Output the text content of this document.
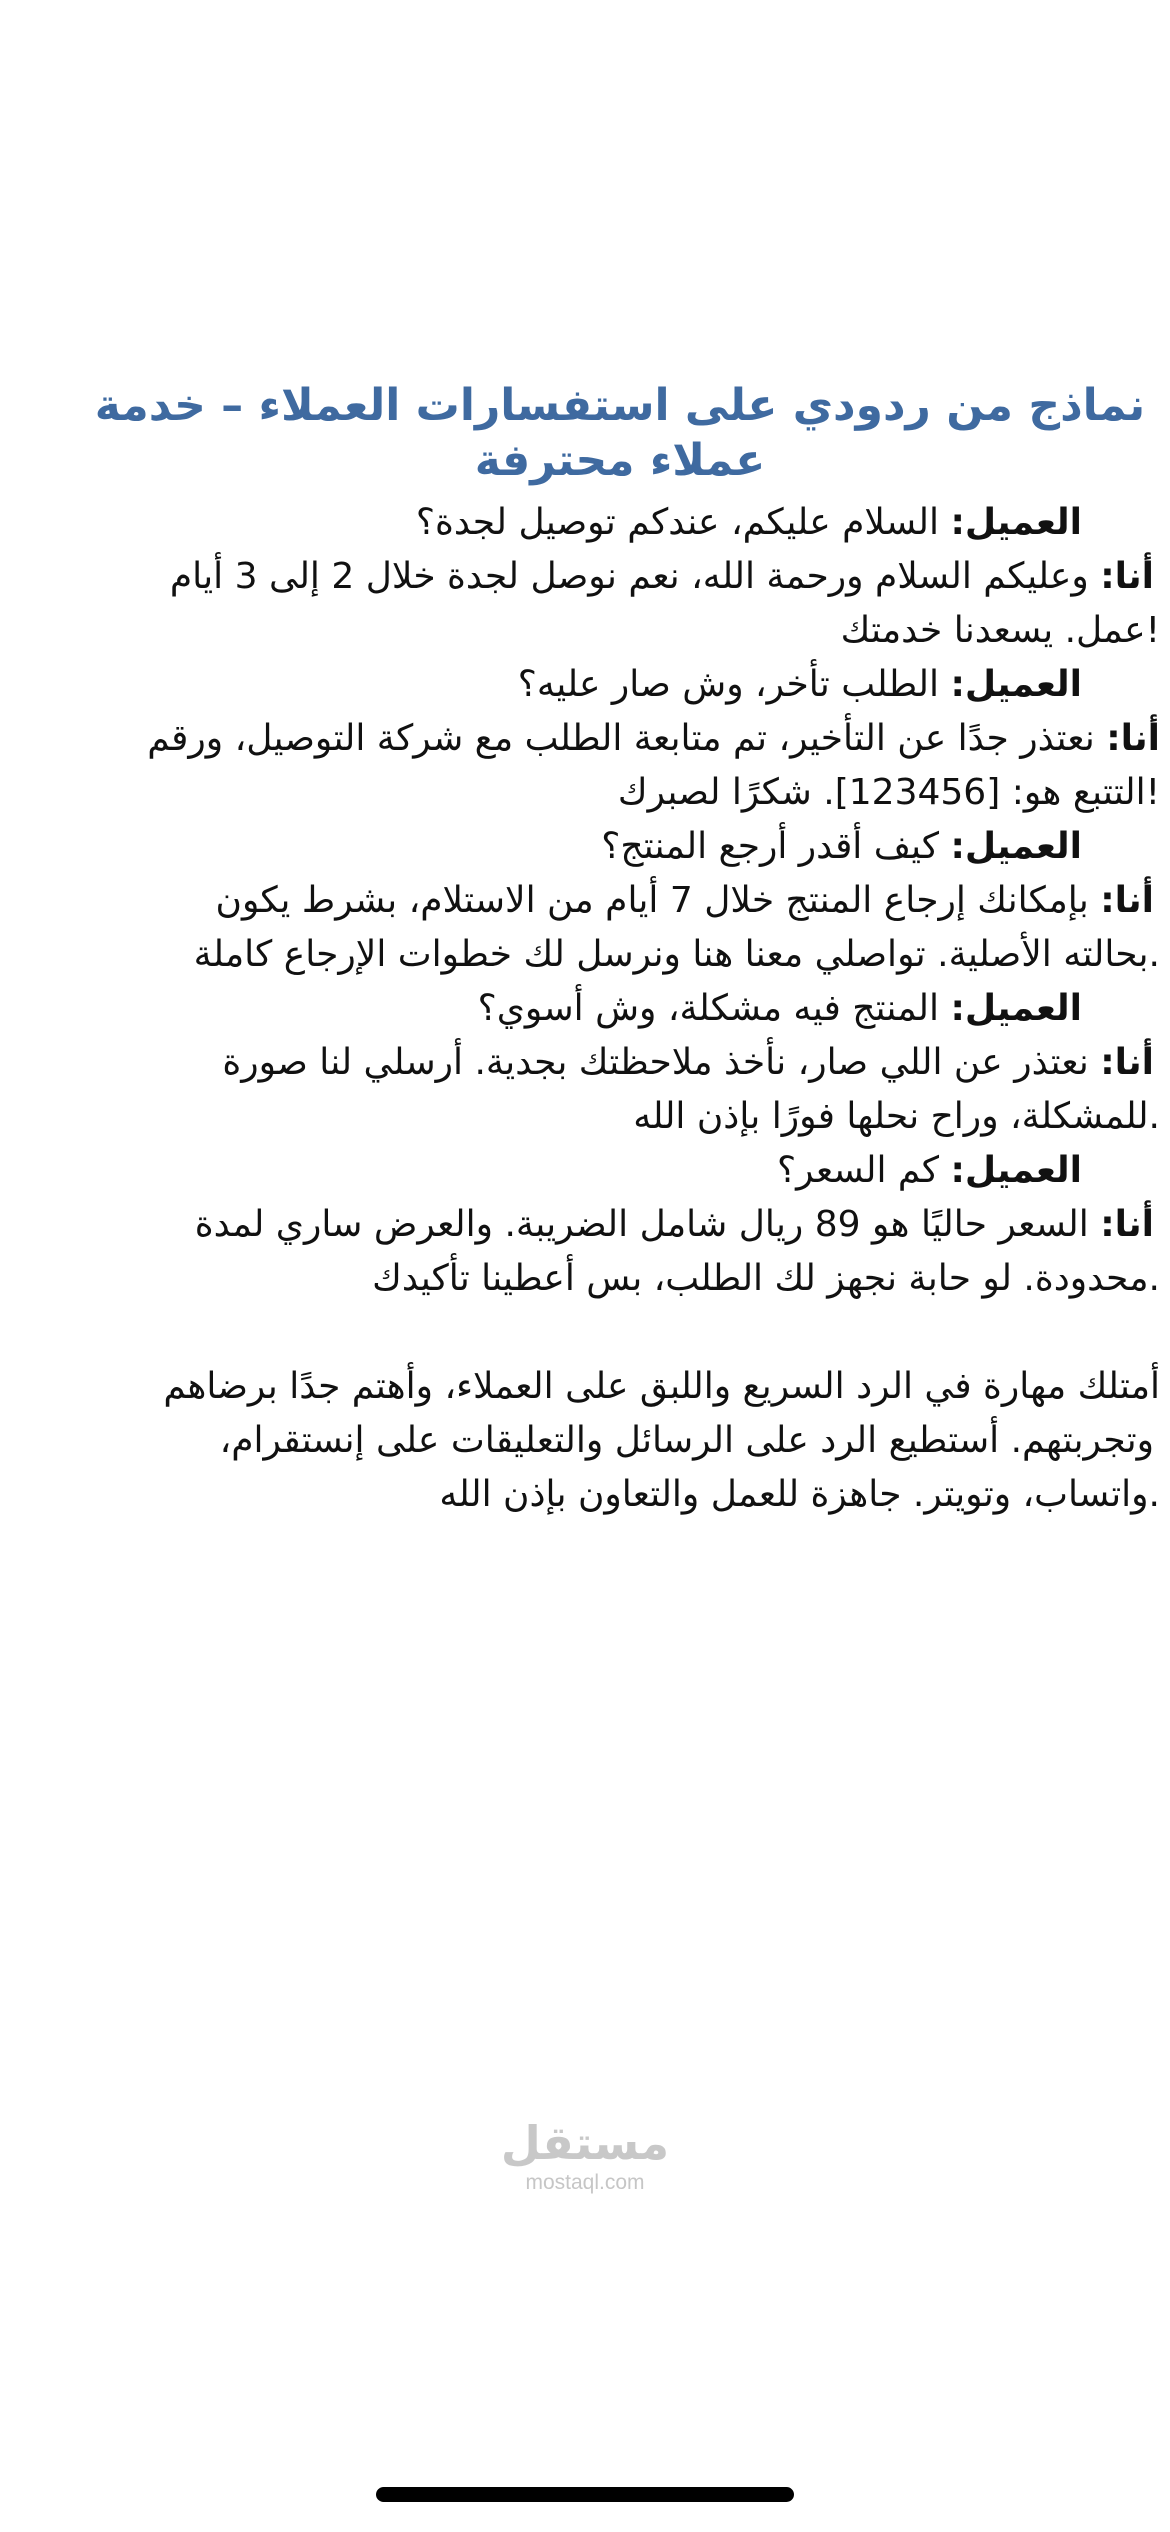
نماذج من ردودي على استفسارات العملاء – خدمة عملاء محترفة
العميل: السلام عليكم، عندكم توصيل لجدة؟
أنا: وعليكم السلام ورحمة الله، نعم نوصل لجدة خلال 2 إلى 3 أيام
!عمل. يسعدنا خدمتك
العميل: الطلب تأخر، وش صار عليه؟
أنا: نعتذر جدًا عن التأخير، تم متابعة الطلب مع شركة التوصيل، ورقم
!التتبع هو: [123456]. شكرًا لصبرك
العميل: كيف أقدر أرجع المنتج؟
أنا: بإمكانك إرجاع المنتج خلال 7 أيام من الاستلام، بشرط يكون
.بحالته الأصلية. تواصلي معنا هنا ونرسل لك خطوات الإرجاع كاملة
العميل: المنتج فيه مشكلة، وش أسوي؟
أنا: نعتذر عن اللي صار، نأخذ ملاحظتك بجدية. أرسلي لنا صورة
.للمشكلة، وراح نحلها فورًا بإذن الله
العميل: كم السعر؟
أنا: السعر حاليًا هو 89 ريال شامل الضريبة. والعرض ساري لمدة
.محدودة. لو حابة نجهز لك الطلب، بس أعطينا تأكيدك
أمتلك مهارة في الرد السريع واللبق على العملاء، وأهتم جدًا برضاهم
وتجربتهم. أستطيع الرد على الرسائل والتعليقات على إنستقرام،
.واتساب، وتويتر. جاهزة للعمل والتعاون بإذن الله
مستقل
mostaql.com
